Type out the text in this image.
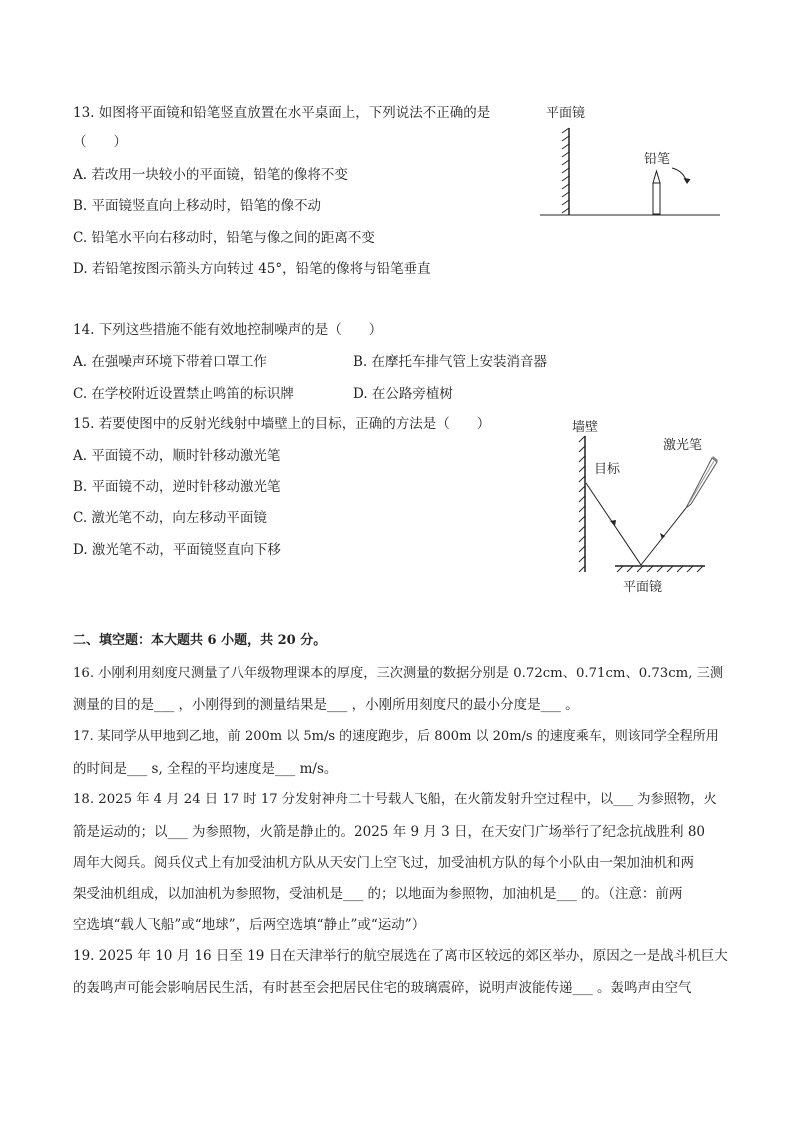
13. 如图将平面镜和铅笔竖直放置在水平桌面上，下列说法不正确的是
（　　）
A. 若改用一块较小的平面镜，铅笔的像将不变
B. 平面镜竖直向上移动时，铅笔的像不动
C. 铅笔水平向右移动时，铅笔与像之间的距离不变
D. 若铅笔按图示箭头方向转过 45°，铅笔的像将与铅笔垂直
平面镜
铅笔
14. 下列这些措施不能有效地控制噪声的是（　　）
A. 在强噪声环境下带着口罩工作	B. 在摩托车排气管上安装消音器
C. 在学校附近设置禁止鸣笛的标识牌	D. 在公路旁植树
15. 若要使图中的反射光线射中墙壁上的目标，正确的方法是（　　）
A. 平面镜不动，顺时针移动激光笔
B. 平面镜不动，逆时针移动激光笔
C. 激光笔不动，向左移动平面镜
D. 激光笔不动，平面镜竖直向下移
墙壁
目标
激光笔
平面镜
二、填空题：本大题共 6 小题，共 20 分。
16. 小刚利用刻度尺测量了八年级物理课本的厚度，三次测量的数据分别是 0.72cm、0.71cm、0.73cm, 三测
测量的目的是___ ，小刚得到的测量结果是___ ，小刚所用刻度尺的最小分度是___ 。
17. 某同学从甲地到乙地，前 200m 以 5m/s 的速度跑步，后 800m 以 20m/s 的速度乘车，则该同学全程所用
的时间是___ s, 全程的平均速度是___ m/s。
18. 2025 年 4 月 24 日 17 时 17 分发射神舟二十号载人飞船，在火箭发射升空过程中，以___ 为参照物，火
箭是运动的；以___ 为参照物，火箭是静止的。2025 年 9 月 3 日，在天安门广场举行了纪念抗战胜利 80
周年大阅兵。阅兵仪式上有加受油机方队从天安门上空飞过，加受油机方队的每个小队由一架加油机和两
架受油机组成，以加油机为参照物，受油机是___ 的；以地面为参照物，加油机是___ 的。（注意：前两
空选填“载人飞船”或“地球”，后两空选填“静止”或“运动”）
19. 2025 年 10 月 16 日至 19 日在天津举行的航空展选在了离市区较远的郊区举办，原因之一是战斗机巨大
的轰鸣声可能会影响居民生活，有时甚至会把居民住宅的玻璃震碎，说明声波能传递___ 。轰鸣声由空气
